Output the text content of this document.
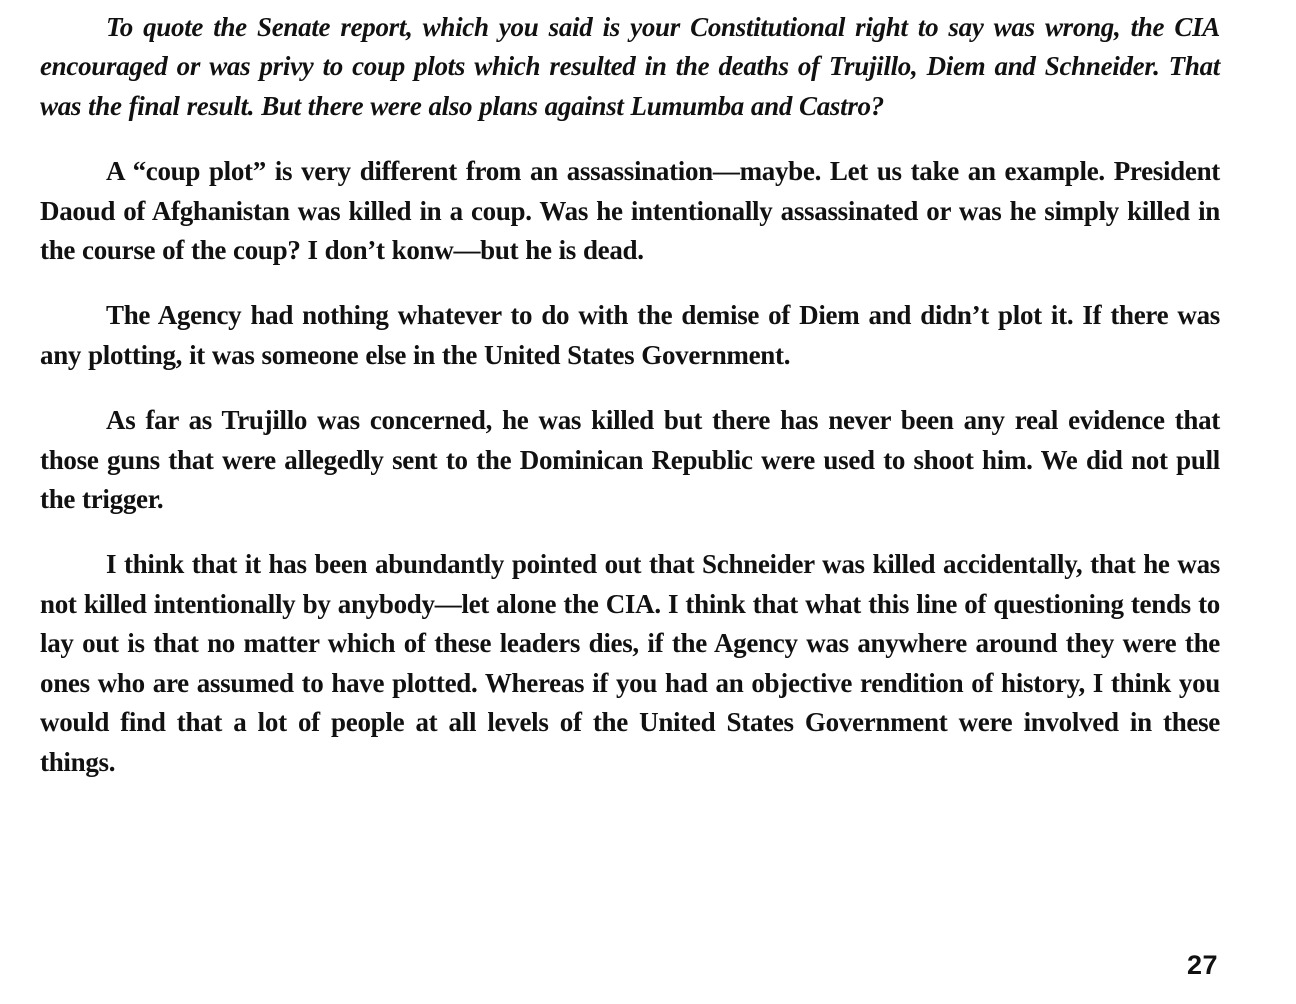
To quote the Senate report, which you said is your Constitutional right to say was wrong, the CIA encouraged or was privy to coup plots which resulted in the deaths of Trujillo, Diem and Schneider. That was the final result. But there were also plans against Lumumba and Castro?

A “coup plot” is very different from an assassination—maybe. Let us take an example. President Daoud of Afghanistan was killed in a coup. Was he intentionally assassinated or was he simply killed in the course of the coup? I don’t konw—but he is dead.

The Agency had nothing whatever to do with the demise of Diem and didn’t plot it. If there was any plotting, it was someone else in the United States Government.

As far as Trujillo was concerned, he was killed but there has never been any real evidence that those guns that were allegedly sent to the Dominican Republic were used to shoot him. We did not pull the trigger.

I think that it has been abundantly pointed out that Schneider was killed accidentally, that he was not killed intentionally by anybody—let alone the CIA. I think that what this line of questioning tends to lay out is that no matter which of these leaders dies, if the Agency was anywhere around they were the ones who are assumed to have plotted. Whereas if you had an objective rendition of history, I think you would find that a lot of people at all levels of the United States Government were involved in these things.

27
